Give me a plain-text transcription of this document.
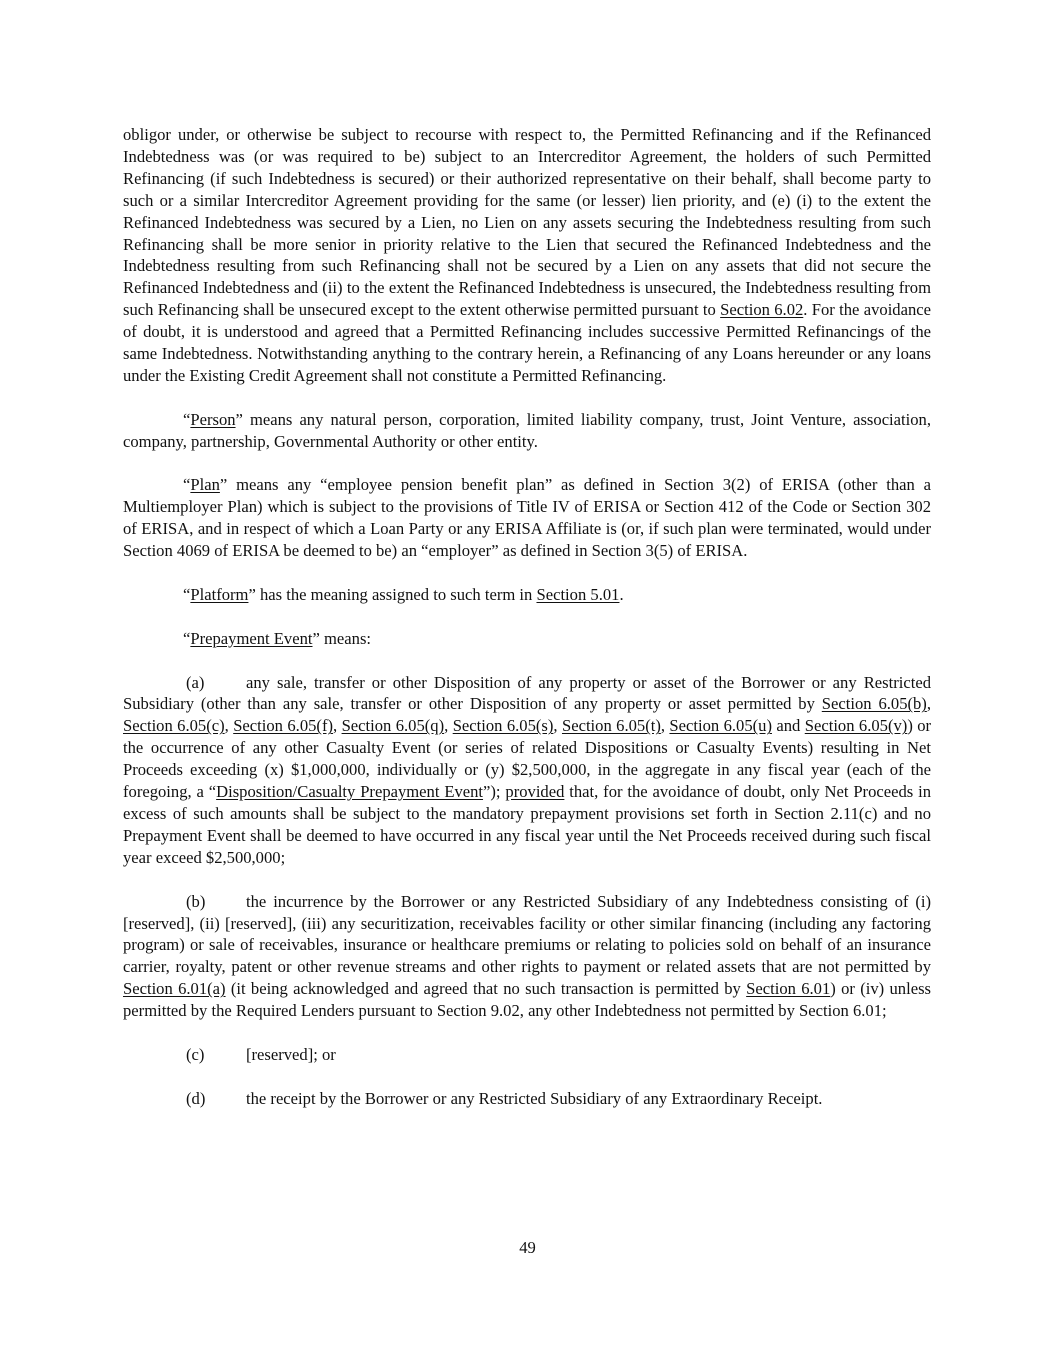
obligor under, or otherwise be subject to recourse with respect to, the Permitted Refinancing and if the Refinanced Indebtedness was (or was required to be) subject to an Intercreditor Agreement, the holders of such Permitted Refinancing (if such Indebtedness is secured) or their authorized representative on their behalf, shall become party to such or a similar Intercreditor Agreement providing for the same (or lesser) lien priority, and (e) (i) to the extent the Refinanced Indebtedness was secured by a Lien, no Lien on any assets securing the Indebtedness resulting from such Refinancing shall be more senior in priority relative to the Lien that secured the Refinanced Indebtedness and the Indebtedness resulting from such Refinancing shall not be secured by a Lien on any assets that did not secure the Refinanced Indebtedness and (ii) to the extent the Refinanced Indebtedness is unsecured, the Indebtedness resulting from such Refinancing shall be unsecured except to the extent otherwise permitted pursuant to Section 6.02. For the avoidance of doubt, it is understood and agreed that a Permitted Refinancing includes successive Permitted Refinancings of the same Indebtedness. Notwithstanding anything to the contrary herein, a Refinancing of any Loans hereunder or any loans under the Existing Credit Agreement shall not constitute a Permitted Refinancing.

“Person” means any natural person, corporation, limited liability company, trust, Joint Venture, association, company, partnership, Governmental Authority or other entity.

“Plan” means any “employee pension benefit plan” as defined in Section 3(2) of ERISA (other than a Multiemployer Plan) which is subject to the provisions of Title IV of ERISA or Section 412 of the Code or Section 302 of ERISA, and in respect of which a Loan Party or any ERISA Affiliate is (or, if such plan were terminated, would under Section 4069 of ERISA be deemed to be) an “employer” as defined in Section 3(5) of ERISA.

“Platform” has the meaning assigned to such term in Section 5.01.

“Prepayment Event” means:

(a)	any sale, transfer or other Disposition of any property or asset of the Borrower or any Restricted Subsidiary (other than any sale, transfer or other Disposition of any property or asset permitted by Section 6.05(b), Section 6.05(c), Section 6.05(f), Section 6.05(q), Section 6.05(s), Section 6.05(t), Section 6.05(u) and Section 6.05(v)) or the occurrence of any other Casualty Event (or series of related Dispositions or Casualty Events) resulting in Net Proceeds exceeding (x) $1,000,000, individually or (y) $2,500,000, in the aggregate in any fiscal year (each of the foregoing, a “Disposition/Casualty Prepayment Event”); provided that, for the avoidance of doubt, only Net Proceeds in excess of such amounts shall be subject to the mandatory prepayment provisions set forth in Section 2.11(c) and no Prepayment Event shall be deemed to have occurred in any fiscal year until the Net Proceeds received during such fiscal year exceed $2,500,000;

(b) the incurrence by the Borrower or any Restricted Subsidiary of any Indebtedness consisting of (i) [reserved], (ii) [reserved], (iii) any securitization, receivables facility or other similar financing (including any factoring program) or sale of receivables, insurance or healthcare premiums or relating to policies sold on behalf of an insurance carrier, royalty, patent or other revenue streams and other rights to payment or related assets that are not permitted by Section 6.01(a) (it being acknowledged and agreed that no such transaction is permitted by Section 6.01) or (iv) unless permitted by the Required Lenders pursuant to Section 9.02, any other Indebtedness not permitted by Section 6.01;

(c)	[reserved]; or

(d) the receipt by the Borrower or any Restricted Subsidiary of any Extraordinary Receipt.

49
